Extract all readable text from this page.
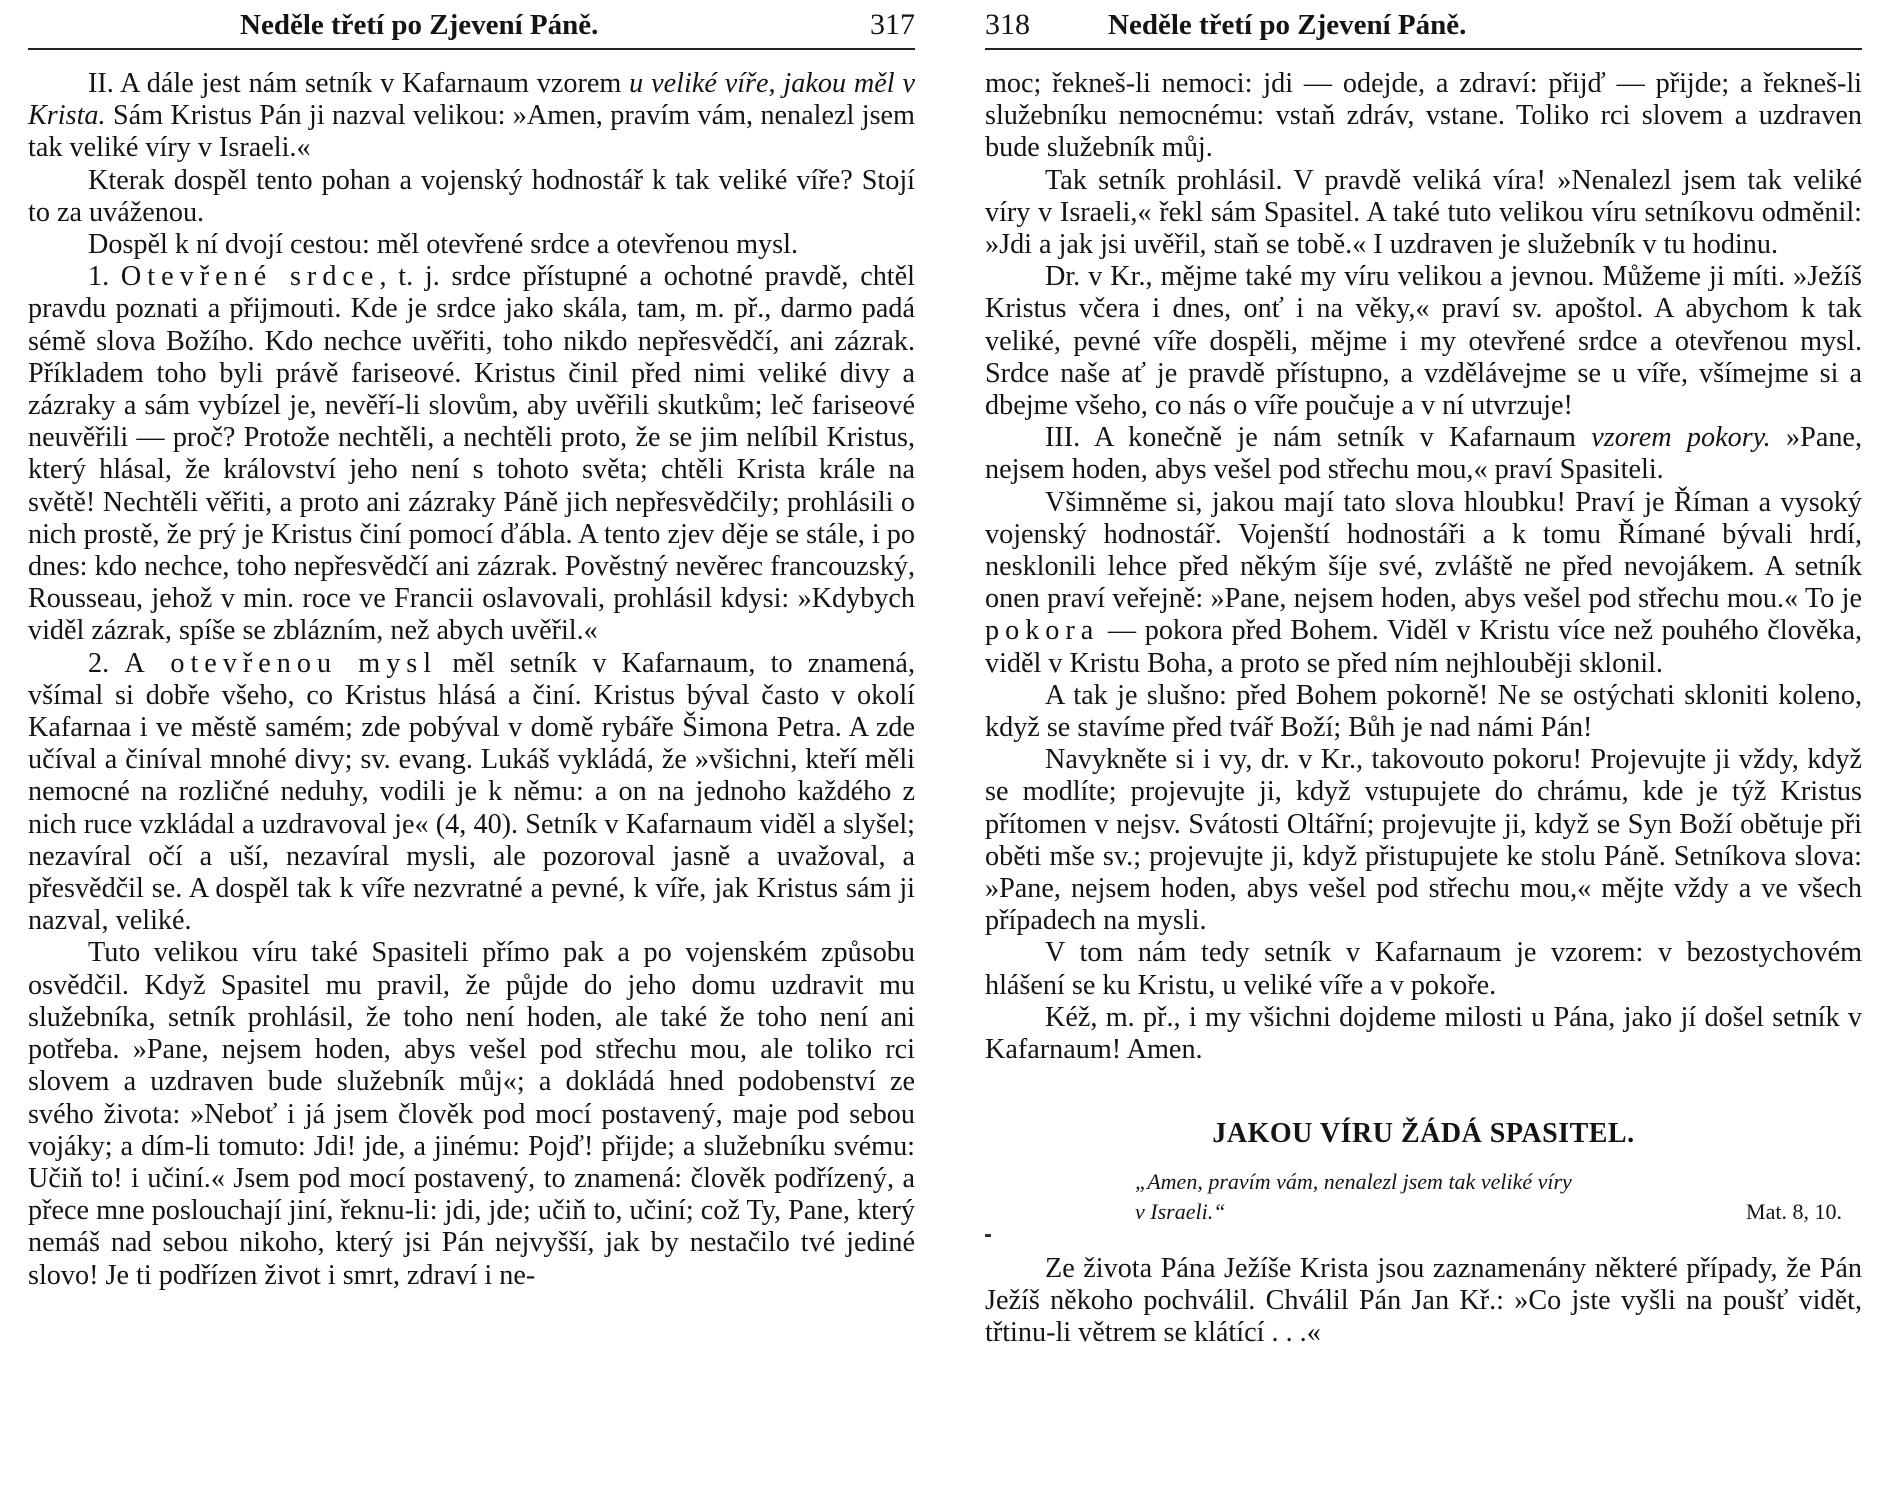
Neděle třetí po Zjevení Páně.	317

II. A dále jest nám setník v Kafarnaum vzorem u veliké víře, jakou měl v Krista. Sám Kristus Pán ji nazval velikou: »Amen, pravím vám, nenalezl jsem tak veliké víry v Israeli.«

Kterak dospěl tento pohan a vojenský hodnostář k tak veliké víře? Stojí to za uváženou.

Dospěl k ní dvojí cestou: měl otevřené srdce a otevřenou mysl.

1. Otevřené srdce, t. j. srdce přístupné a ochotné pravdě, chtěl pravdu poznati a přijmouti. Kde je srdce jako skála, tam, m. př., darmo padá sémě slova Božího. Kdo nechce uvěřiti, toho nikdo nepřesvědčí, ani zázrak. Příkladem toho byli právě fariseové. Kristus činil před nimi veliké divy a zázraky a sám vybízel je, nevěří-li slovům, aby uvěřili skutkům; leč fariseové neuvěřili — proč? Protože nechtěli, a nechtěli proto, že se jim nelíbil Kristus, který hlásal, že království jeho není s tohoto světa; chtěli Krista krále na světě! Nechtěli věřiti, a proto ani zázraky Páně jich nepřesvědčily; prohlásili o nich prostě, že prý je Kristus činí pomocí ďábla. A tento zjev děje se stále, i po dnes: kdo nechce, toho nepřesvědčí ani zázrak. Pověstný nevěrec francouzský, Rousseau, jehož v min. roce ve Francii oslavovali, prohlásil kdysi: »Kdybych viděl zázrak, spíše se zblázním, než abych uvěřil.«

2. A otevřenou mysl měl setník v Kafarnaum, to znamená, všímal si dobře všeho, co Kristus hlásá a činí. Kristus býval často v okolí Kafarnaa i ve městě samém; zde pobýval v domě rybáře Šimona Petra. A zde učíval a činíval mnohé divy; sv. evang. Lukáš vykládá, že »všichni, kteří měli nemocné na rozličné neduhy, vodili je k němu: a on na jednoho každého z nich ruce vzkládal a uzdravoval je« (4, 40). Setník v Kafarnaum viděl a slyšel; nezavíral očí a uší, nezavíral mysli, ale pozoroval jasně a uvažoval, a přesvědčil se. A dospěl tak k víře nezvratné a pevné, k víře, jak Kristus sám ji nazval, veliké.

Tuto velikou víru také Spasiteli přímo pak a po vojenském způsobu osvědčil. Když Spasitel mu pravil, že půjde do jeho domu uzdravit mu služebníka, setník prohlásil, že toho není hoden, ale také že toho není ani potřeba. »Pane, nejsem hoden, abys vešel pod střechu mou, ale toliko rci slovem a uzdraven bude služebník můj«; a dokládá hned podobenství ze svého života: »Neboť i já jsem člověk pod mocí postavený, maje pod sebou vojáky; a dím-li tomuto: Jdi! jde, a jinému: Pojď! přijde; a služebníku svému: Učiň to! i učiní.« Jsem pod mocí postavený, to znamená: člověk podřízený, a přece mne poslouchají jiní, řeknu-li: jdi, jde; učiň to, učiní; což Ty, Pane, který nemáš nad sebou nikoho, který jsi Pán nejvyšší, jak by nestačilo tvé jediné slovo! Je ti podřízen život i smrt, zdraví i ne-

318	Neděle třetí po Zjevení Páně.

moc; řekneš-li nemoci: jdi — odejde, a zdraví: přijď — přijde; a řekneš-li služebníku nemocnému: vstaň zdráv, vstane. Toliko rci slovem a uzdraven bude služebník můj.

Tak setník prohlásil. V pravdě veliká víra! »Nenalezl jsem tak veliké víry v Israeli,« řekl sám Spasitel. A také tuto velikou víru setníkovu odměnil: »Jdi a jak jsi uvěřil, staň se tobě.« I uzdraven je služebník v tu hodinu.

Dr. v Kr., mějme také my víru velikou a jevnou. Můžeme ji míti. »Ježíš Kristus včera i dnes, onť i na věky,« praví sv. apoštol. A abychom k tak veliké, pevné víře dospěli, mějme i my otevřené srdce a otevřenou mysl. Srdce naše ať je pravdě přístupno, a vzdělávejme se u víře, všímejme si a dbejme všeho, co nás o víře poučuje a v ní utvrzuje!

III. A konečně je nám setník v Kafarnaum vzorem pokory. »Pane, nejsem hoden, abys vešel pod střechu mou,« praví Spasiteli.

Všimněme si, jakou mají tato slova hloubku! Praví je Říman a vysoký vojenský hodnostář. Vojenští hodnostáři a k tomu Římané bývali hrdí, nesklonili lehce před někým šíje své, zvláště ne před nevojákem. A setník onen praví veřejně: »Pane, nejsem hoden, abys vešel pod střechu mou.« To je pokora — pokora před Bohem. Viděl v Kristu více než pouhého člověka, viděl v Kristu Boha, a proto se před ním nejhlouběji sklonil.

A tak je slušno: před Bohem pokorně! Ne se ostýchati skloniti koleno, když se stavíme před tvář Boží; Bůh je nad námi Pán!

Navykněte si i vy, dr. v Kr., takovouto pokoru! Projevujte ji vždy, když se modlíte; projevujte ji, když vstupujete do chrámu, kde je týž Kristus přítomen v nejsv. Svátosti Oltářní; projevujte ji, když se Syn Boží obětuje při oběti mše sv.; projevujte ji, když přistupujete ke stolu Páně. Setníkova slova: »Pane, nejsem hoden, abys vešel pod střechu mou,« mějte vždy a ve všech případech na mysli.

V tom nám tedy setník v Kafarnaum je vzorem: v bezostychovém hlášení se ku Kristu, u veliké víře a v pokoře.

Kéž, m. př., i my všichni dojdeme milosti u Pána, jako jí došel setník v Kafarnaum! Amen.

JAKOU VÍRU ŽÁDÁ SPASITEL.

„Amen, pravím vám, nenalezl jsem tak veliké víry
v Israeli.“	Mat. 8, 10.

Ze života Pána Ježíše Krista jsou zaznamenány některé případy, že Pán Ježíš někoho pochválil. Chválil Pán Jan Kř.: »Co jste vyšli na poušť vidět, třtinu-li větrem se klátící . . .«
